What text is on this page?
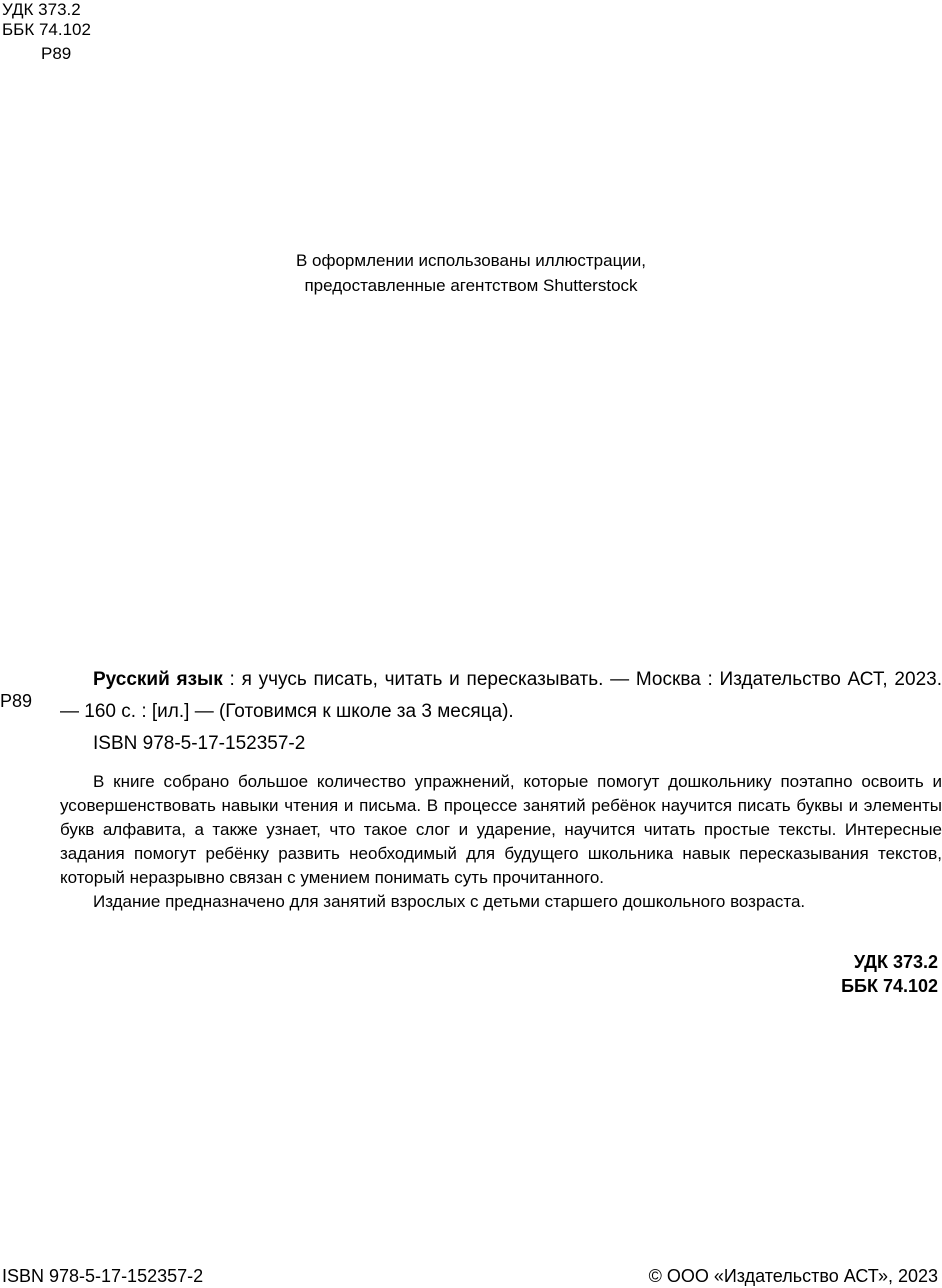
УДК 373.2
ББК 74.102
Р89
В оформлении использованы иллюстрации,
предоставленные агентством Shutterstock
Р89
Русский язык : я учусь писать, читать и пересказывать. — Москва : Издательство АСТ, 2023. — 160 с. : [ил.] — (Готовимся к школе за 3 месяца).
ISBN 978-5-17-152357-2
В книге собрано большое количество упражнений, которые помогут дошкольнику поэтапно освоить и усовершенствовать навыки чтения и письма. В процессе занятий ребёнок научится писать буквы и элементы букв алфавита, а также узнает, что такое слог и ударение, научится читать простые тексты. Интересные задания помогут ребёнку развить необходимый для будущего школьника навык пересказывания текстов, который неразрывно связан с умением понимать суть прочитанного.
Издание предназначено для занятий взрослых с детьми старшего дошкольного возраста.
УДК 373.2
ББК 74.102
ISBN 978-5-17-152357-2	© ООО «Издательство АСТ», 2023
